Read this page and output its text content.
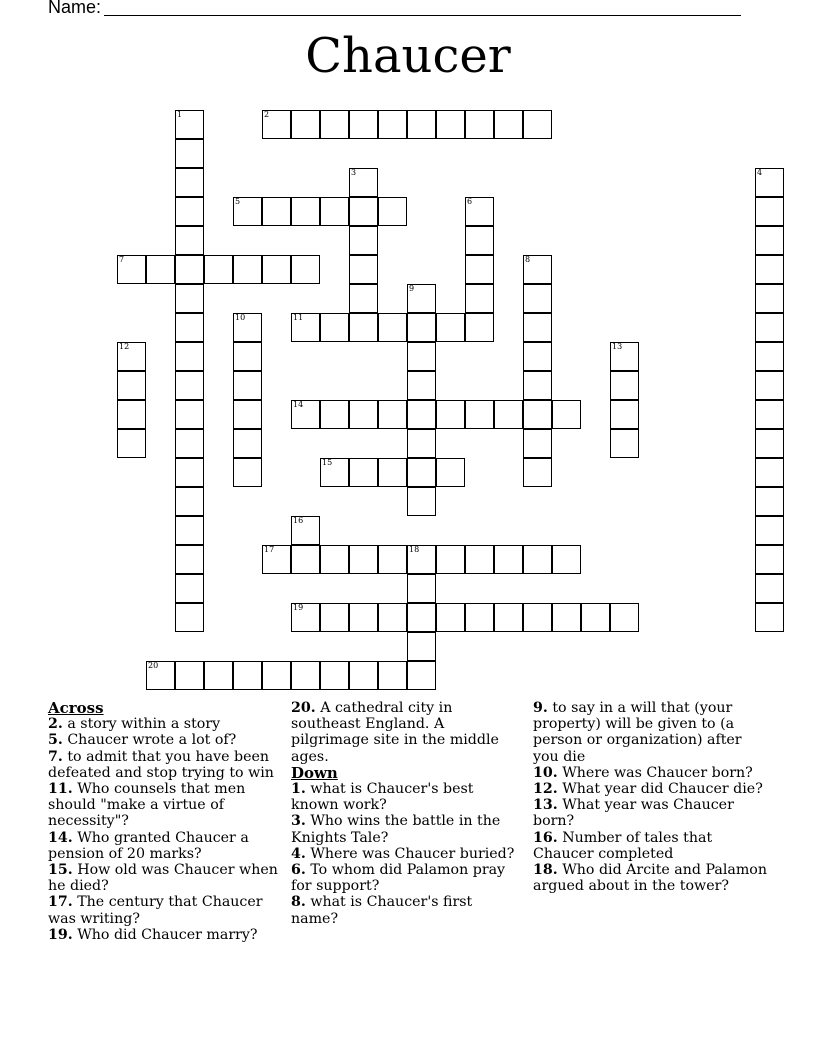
Name:
Chaucer
1	2
3	4
5	6
7	8
9
10	11
12	13
14
15
16
17	18
19
20
Across
2. a story within a story
5. Chaucer wrote a lot of?
7. to admit that you have been defeated and stop trying to win
11. Who counsels that men should "make a virtue of necessity"?
14. Who granted Chaucer a pension of 20 marks?
15. How old was Chaucer when he died?
17. The century that Chaucer was writing?
19. Who did Chaucer marry?
20. A cathedral city in southeast England. A pilgrimage site in the middle ages.
Down
1. what is Chaucer's best known work?
3. Who wins the battle in the Knights Tale?
4. Where was Chaucer buried?
6. To whom did Palamon pray for support?
8. what is Chaucer's first name?
9. to say in a will that (your property) will be given to (a person or organization) after you die
10. Where was Chaucer born?
12. What year did Chaucer die?
13. What year was Chaucer born?
16. Number of tales that Chaucer completed
18. Who did Arcite and Palamon argued about in the tower?
